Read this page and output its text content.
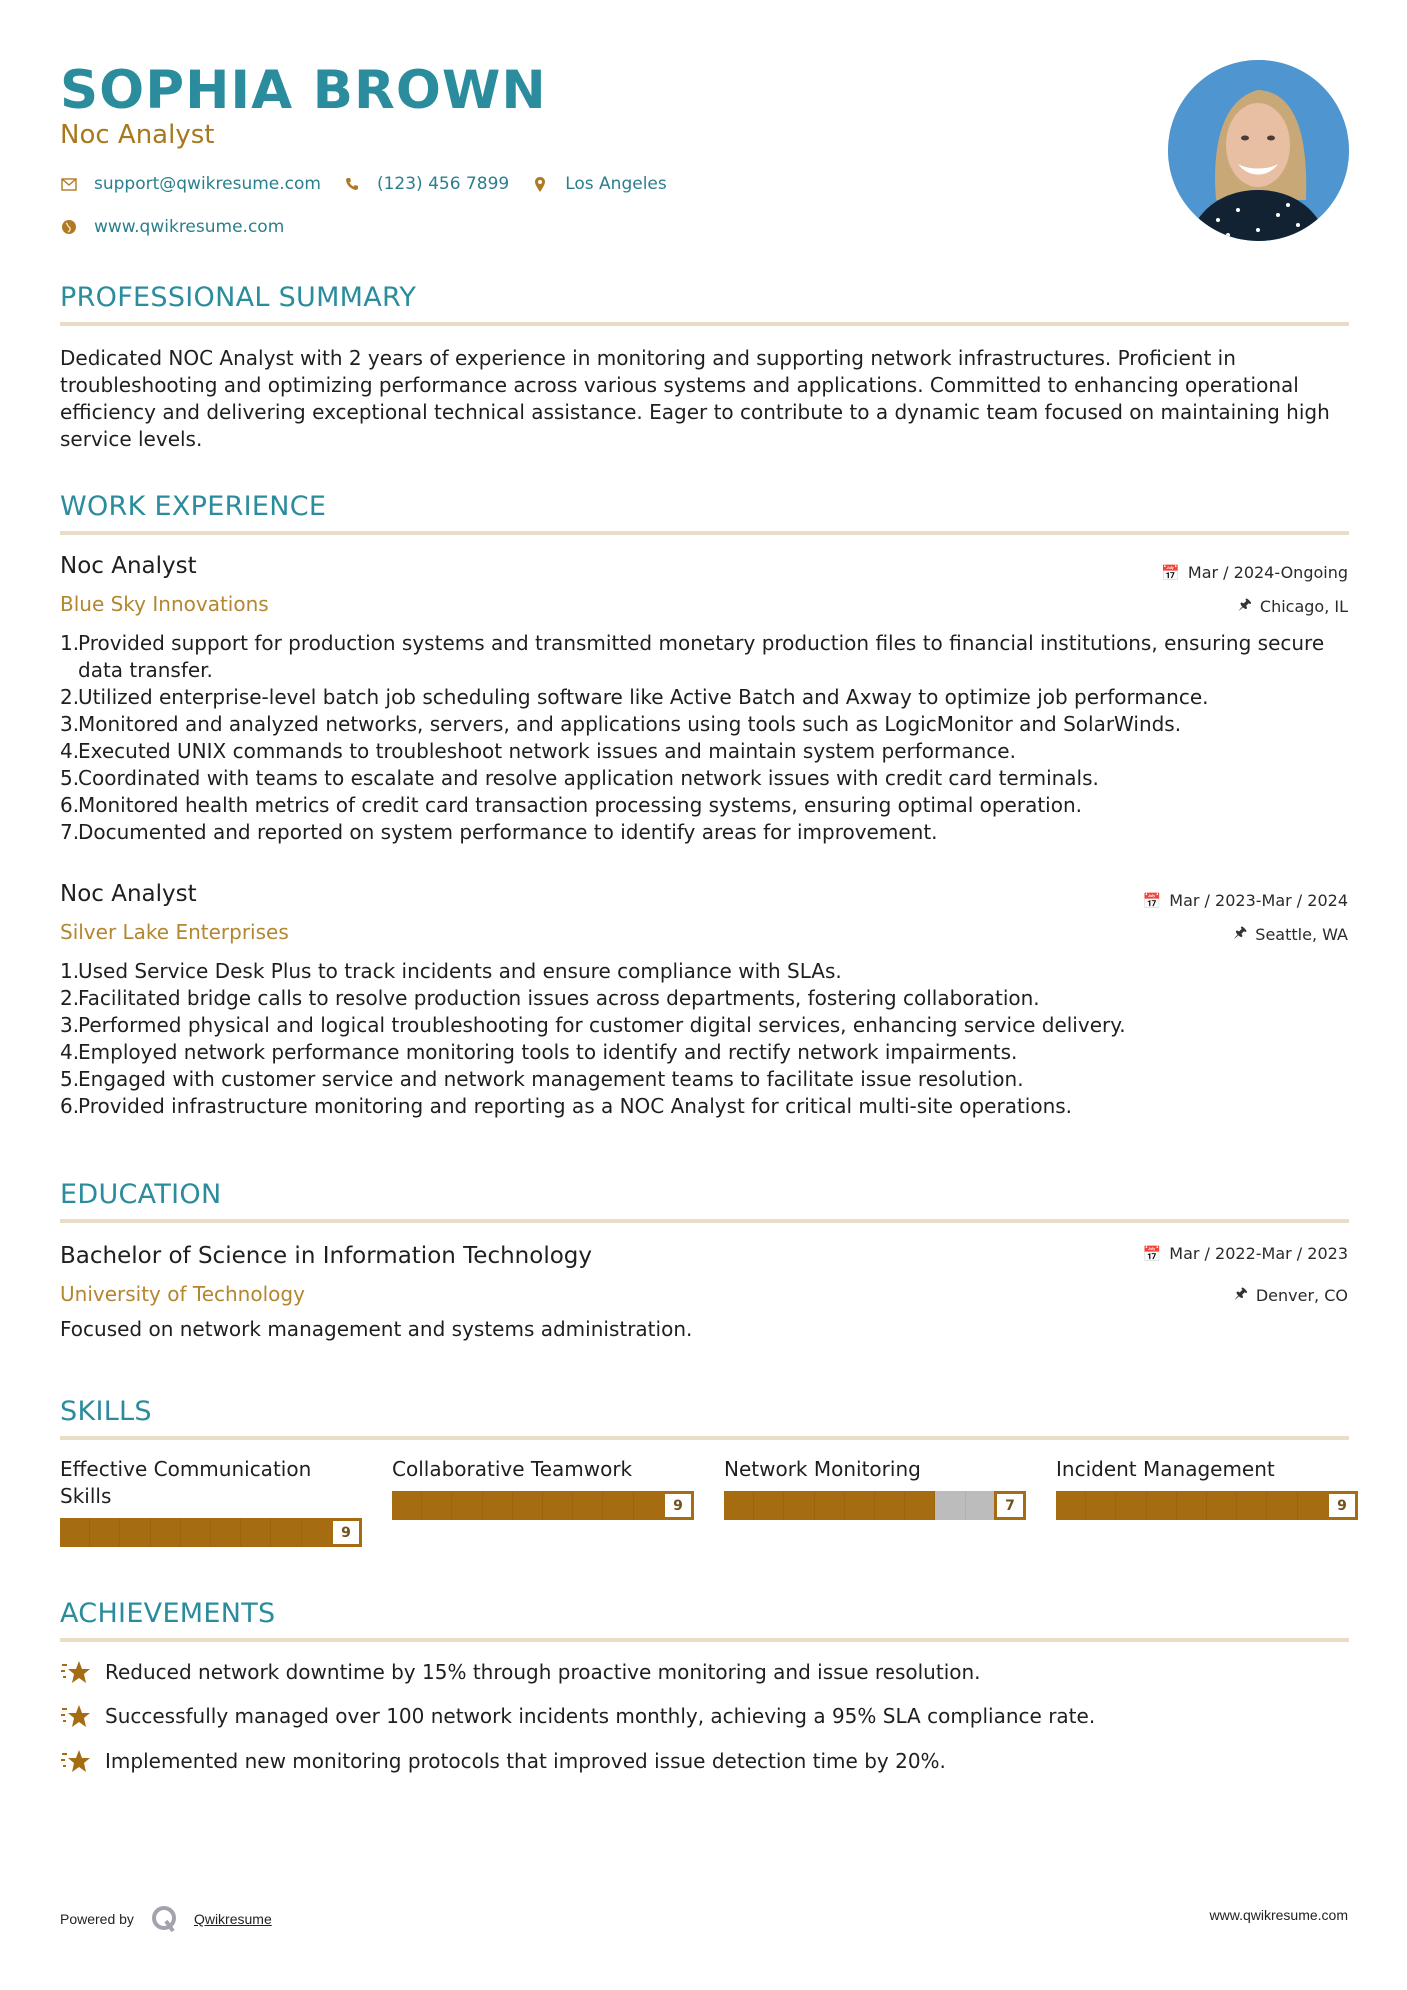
SOPHIA BROWN
Noc Analyst
support@qwikresume.com	(123) 456 7899	Los Angeles
www.qwikresume.com
PROFESSIONAL SUMMARY
Dedicated NOC Analyst with 2 years of experience in monitoring and supporting network infrastructures. Proficient in troubleshooting and optimizing performance across various systems and applications. Committed to enhancing operational efficiency and delivering exceptional technical assistance. Eager to contribute to a dynamic team focused on maintaining high service levels.
WORK EXPERIENCE
Noc Analyst	📅 Mar / 2024-Ongoing
Blue Sky Innovations	🖈 Chicago, IL
1.
Provided support for production systems and transmitted monetary production files to financial institutions, ensuring secure data transfer.
2.
Utilized enterprise-level batch job scheduling software like Active Batch and Axway to optimize job performance.
3.
Monitored and analyzed networks, servers, and applications using tools such as LogicMonitor and SolarWinds.
4.
Executed UNIX commands to troubleshoot network issues and maintain system performance.
5.
Coordinated with teams to escalate and resolve application network issues with credit card terminals.
6.
Monitored health metrics of credit card transaction processing systems, ensuring optimal operation.
7.
Documented and reported on system performance to identify areas for improvement.
Noc Analyst	📅 Mar / 2023-Mar / 2024
Silver Lake Enterprises	🖈 Seattle, WA
1.
Used Service Desk Plus to track incidents and ensure compliance with SLAs.
2.
Facilitated bridge calls to resolve production issues across departments, fostering collaboration.
3.
Performed physical and logical troubleshooting for customer digital services, enhancing service delivery.
4.
Employed network performance monitoring tools to identify and rectify network impairments.
5.
Engaged with customer service and network management teams to facilitate issue resolution.
6.
Provided infrastructure monitoring and reporting as a NOC Analyst for critical multi-site operations.
EDUCATION
Bachelor of Science in Information Technology	📅 Mar / 2022-Mar / 2023
University of Technology	🖈 Denver, CO
Focused on network management and systems administration.
SKILLS
Effective Communication Skills
9
Collaborative Teamwork
9
Network Monitoring
7
Incident Management
9
ACHIEVEMENTS
Reduced network downtime by 15% through proactive monitoring and issue resolution.
Successfully managed over 100 network incidents monthly, achieving a 95% SLA compliance rate.
Implemented new monitoring protocols that improved issue detection time by 20%.
Powered by	Qwikresume	www.qwikresume.com
